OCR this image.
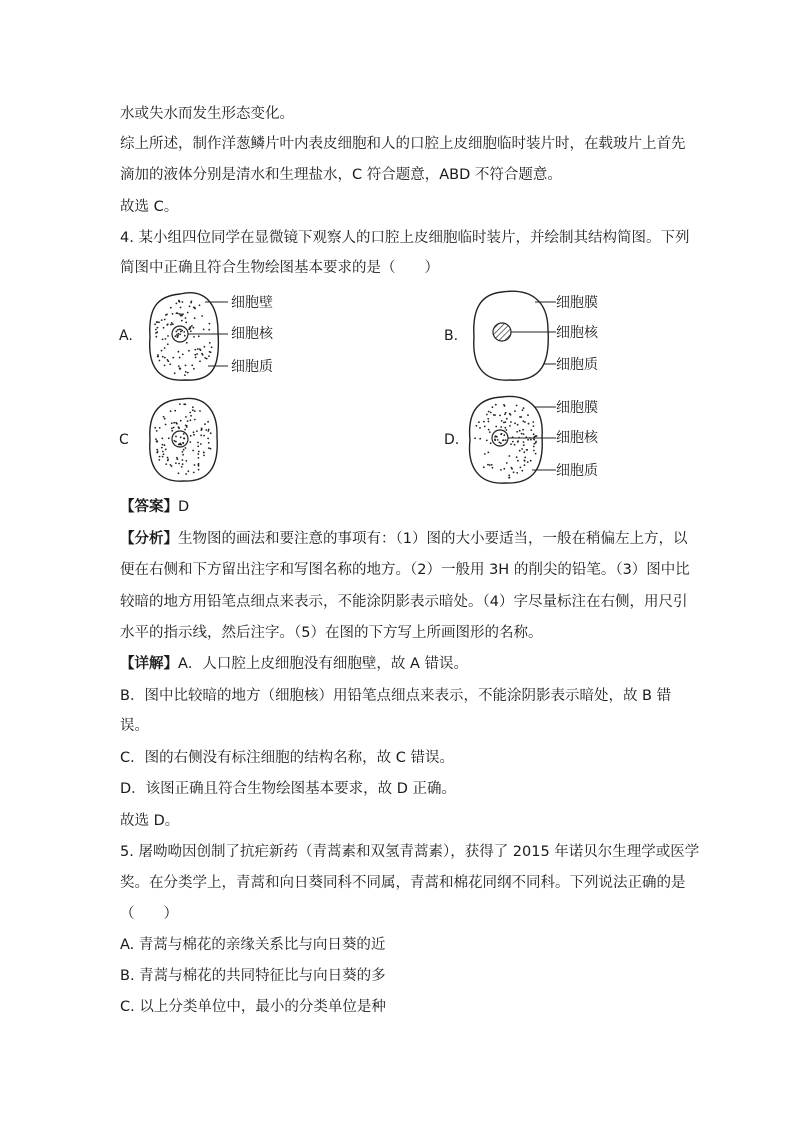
水或失水而发生形态变化。
综上所述，制作洋葱鳞片叶内表皮细胞和人的口腔上皮细胞临时装片时，在载玻片上首先
滴加的液体分别是清水和生理盐水，C 符合题意，ABD 不符合题意。
故选 C。
4. 某小组四位同学在显微镜下观察人的口腔上皮细胞临时装片，并绘制其结构简图。下列
简图中正确且符合生物绘图基本要求的是（　　）
A.
细胞壁
细胞核
细胞质
B.
细胞膜
细胞核
细胞质
C	D.
细胞膜
细胞核
细胞质
【答案】D
【分析】生物图的画法和要注意的事项有：（1）图的大小要适当，一般在稍偏左上方，以
便在右侧和下方留出注字和写图名称的地方。（2）一般用 3H 的削尖的铅笔。（3）图中比
较暗的地方用铅笔点细点来表示，不能涂阴影表示暗处。（4）字尽量标注在右侧，用尺引
水平的指示线，然后注字。（5）在图的下方写上所画图形的名称。
【详解】A．人口腔上皮细胞没有细胞壁，故 A 错误。
B．图中比较暗的地方（细胞核）用铅笔点细点来表示，不能涂阴影表示暗处，故 B 错
误。
C．图的右侧没有标注细胞的结构名称，故 C 错误。
D．该图正确且符合生物绘图基本要求，故 D 正确。
故选 D。
5. 屠呦呦因创制了抗疟新药（青蒿素和双氢青蒿素），获得了 2015 年诺贝尔生理学或医学
奖。在分类学上，青蒿和向日葵同科不同属，青蒿和棉花同纲不同科。下列说法正确的是
（　　）
A. 青蒿与棉花的亲缘关系比与向日葵的近
B. 青蒿与棉花的共同特征比与向日葵的多
C. 以上分类单位中，最小的分类单位是种
